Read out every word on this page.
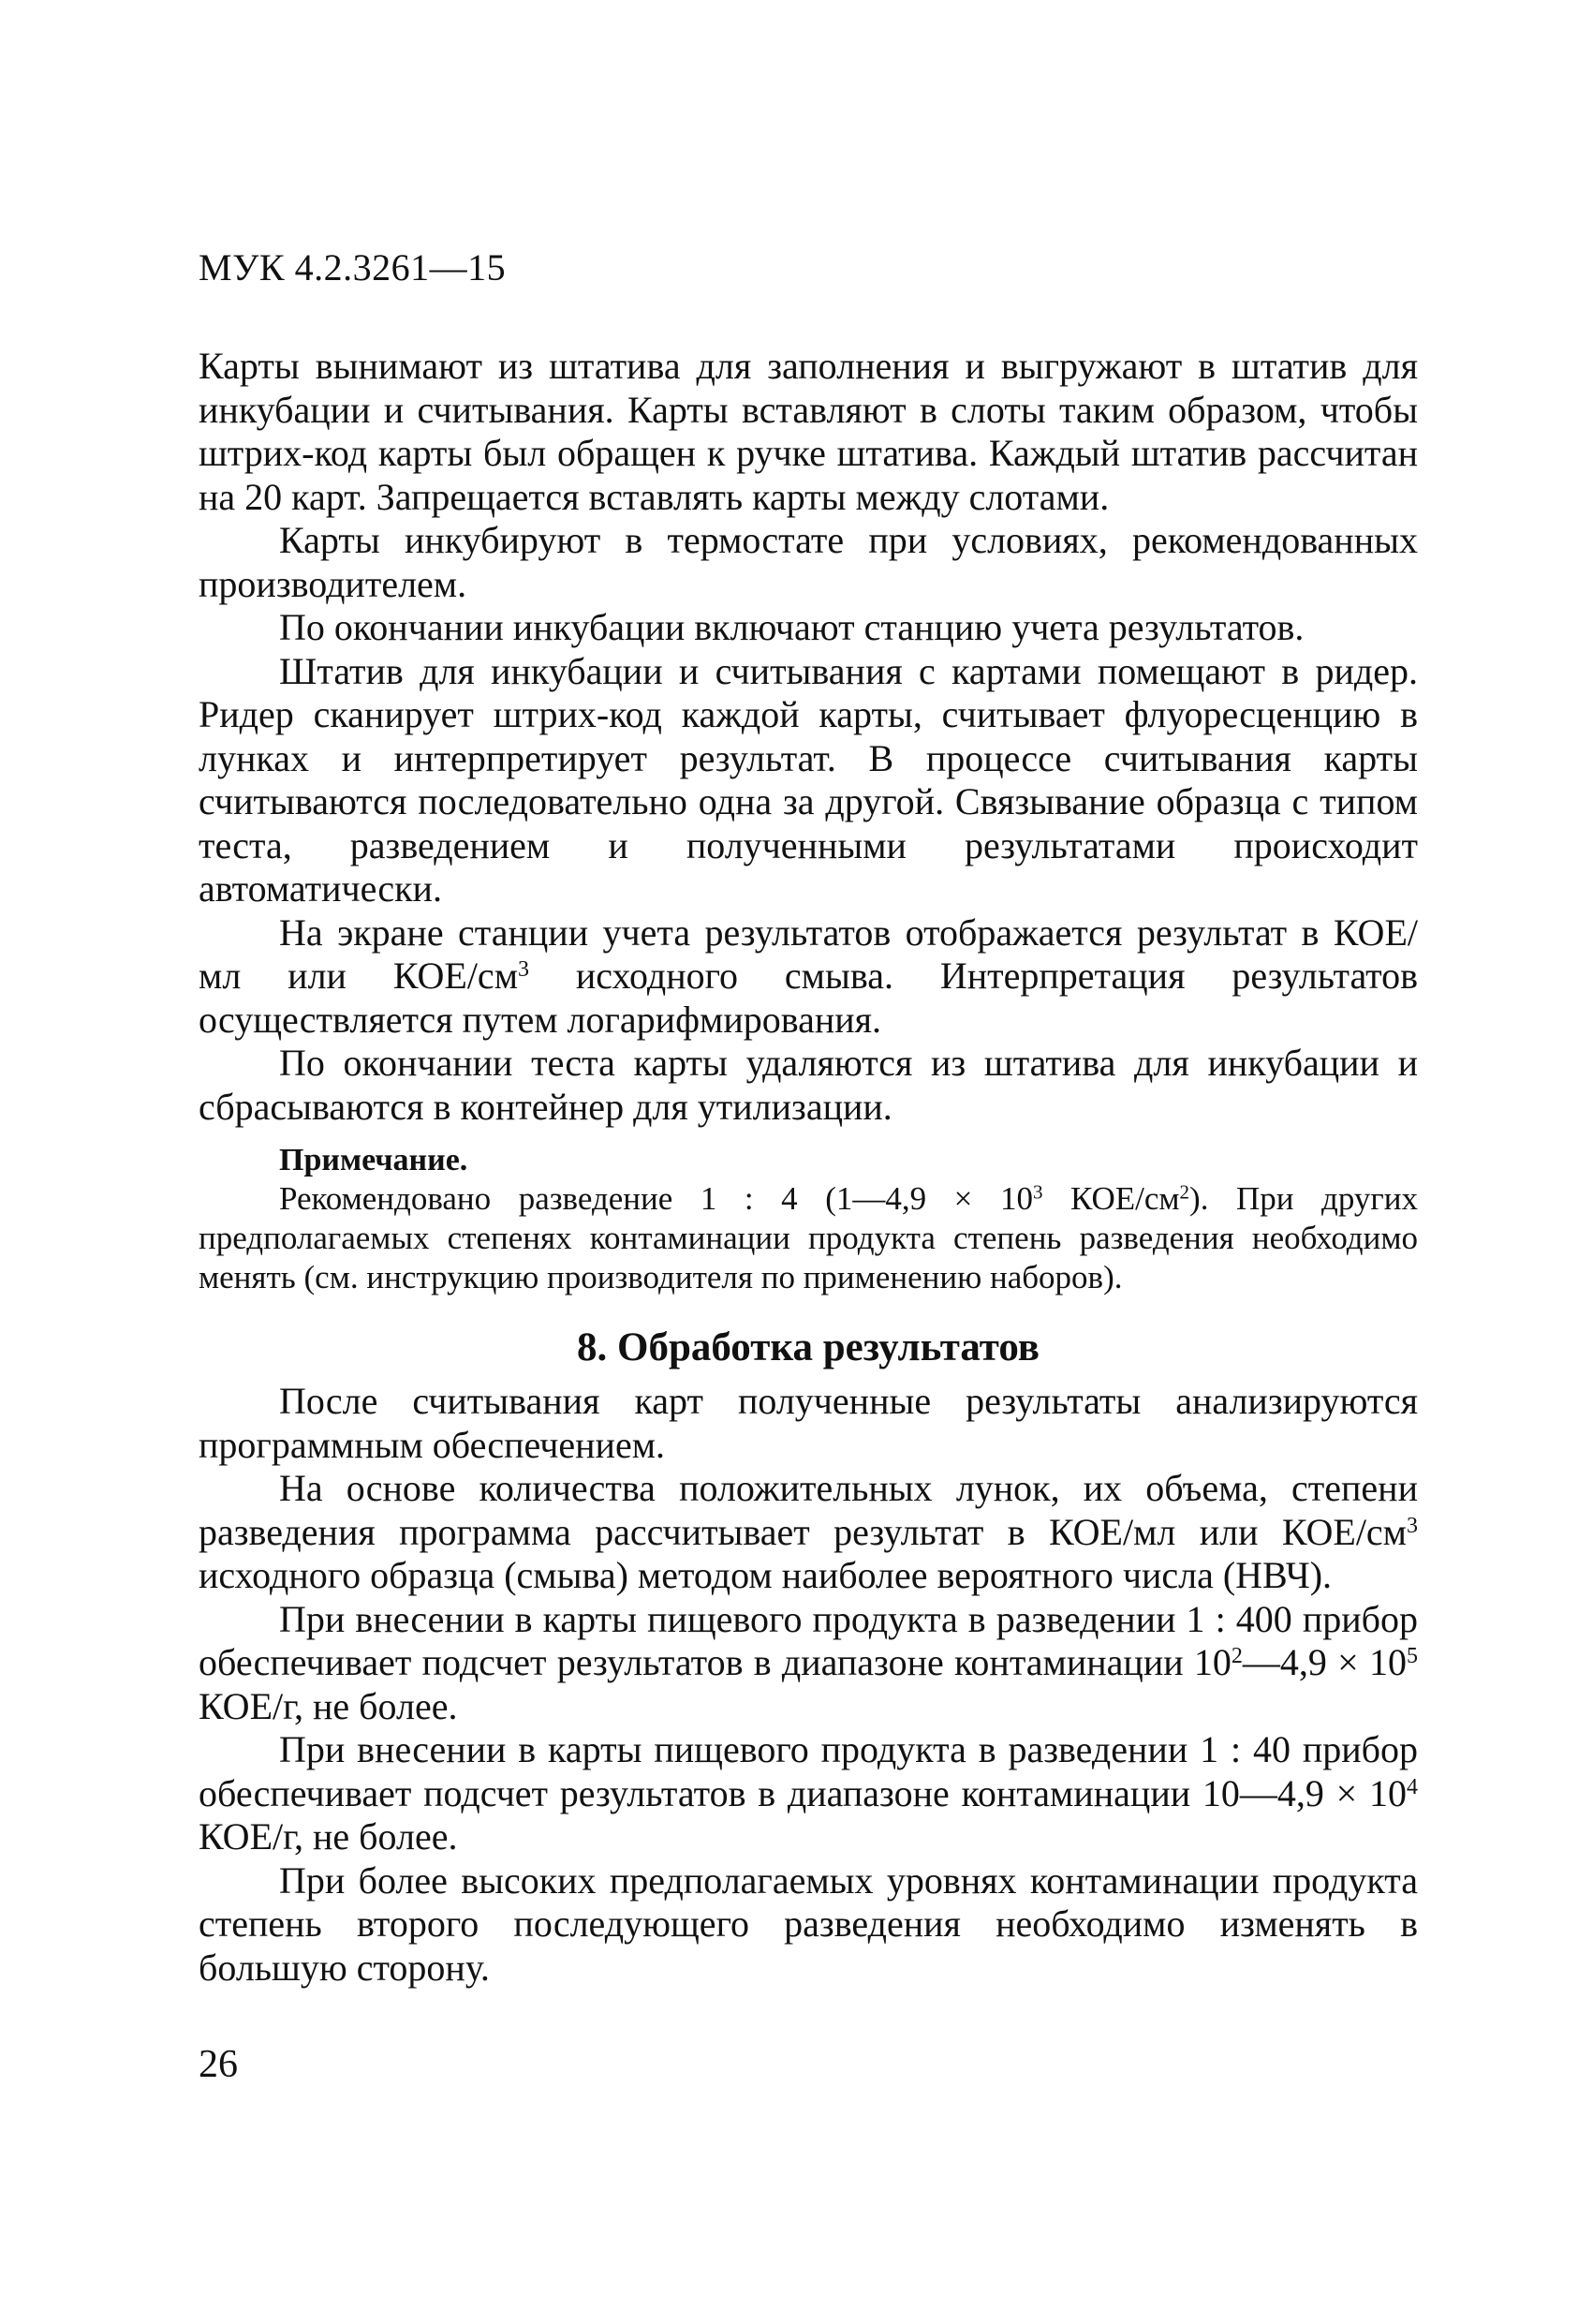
МУК 4.2.3261—15

Карты вынимают из штатива для заполнения и выгружают в штатив для инкубации и считывания. Карты вставляют в слоты таким образом, чтобы штрих-код карты был обращен к ручке штатива. Каждый штатив рассчитан на 20 карт. Запрещается вставлять карты между слотами.

Карты инкубируют в термостате при условиях, рекомендованных производителем.

По окончании инкубации включают станцию учета результатов.

Штатив для инкубации и считывания с картами помещают в ридер. Ридер сканирует штрих-код каждой карты, считывает флуоресценцию в лунках и интерпретирует результат. В процессе считывания карты считываются последовательно одна за другой. Связывание образца с типом теста, разведением и полученными результатами происходит автоматически.

На экране станции учета результатов отображается результат в КОЕ/мл или КОЕ/$см^3$ исходного смыва. Интерпретация результатов осуществляется путем логарифмирования.

По окончании теста карты удаляются из штатива для инкубации и сбрасываются в контейнер для утилизации.

Примечание.
Рекомендовано разведение 1 : 4 (1—4,9 × $10^3$ КОЕ/$см^2$). При других предполагаемых степенях контаминации продукта степень разведения необходимо менять (см. инструкцию производителя по применению наборов).
8. Обработка результатов

После считывания карт полученные результаты анализируются программным обеспечением.

На основе количества положительных лунок, их объема, степени разведения программа рассчитывает результат в КОЕ/мл или КОЕ/$см^3$ исходного образца (смыва) методом наиболее вероятного числа (НВЧ).

При внесении в карты пищевого продукта в разведении 1 : 400 прибор обеспечивает подсчет результатов в диапазоне контаминации $10^2—4,9 \times 10^5$ КОЕ/г, не более.

При внесении в карты пищевого продукта в разведении 1 : 40 прибор обеспечивает подсчет результатов в диапазоне контаминации 10—4,9 × $10^4$ КОЕ/г, не более.

При более высоких предполагаемых уровнях контаминации продукта степень второго последующего разведения необходимо изменять в большую сторону.

26
